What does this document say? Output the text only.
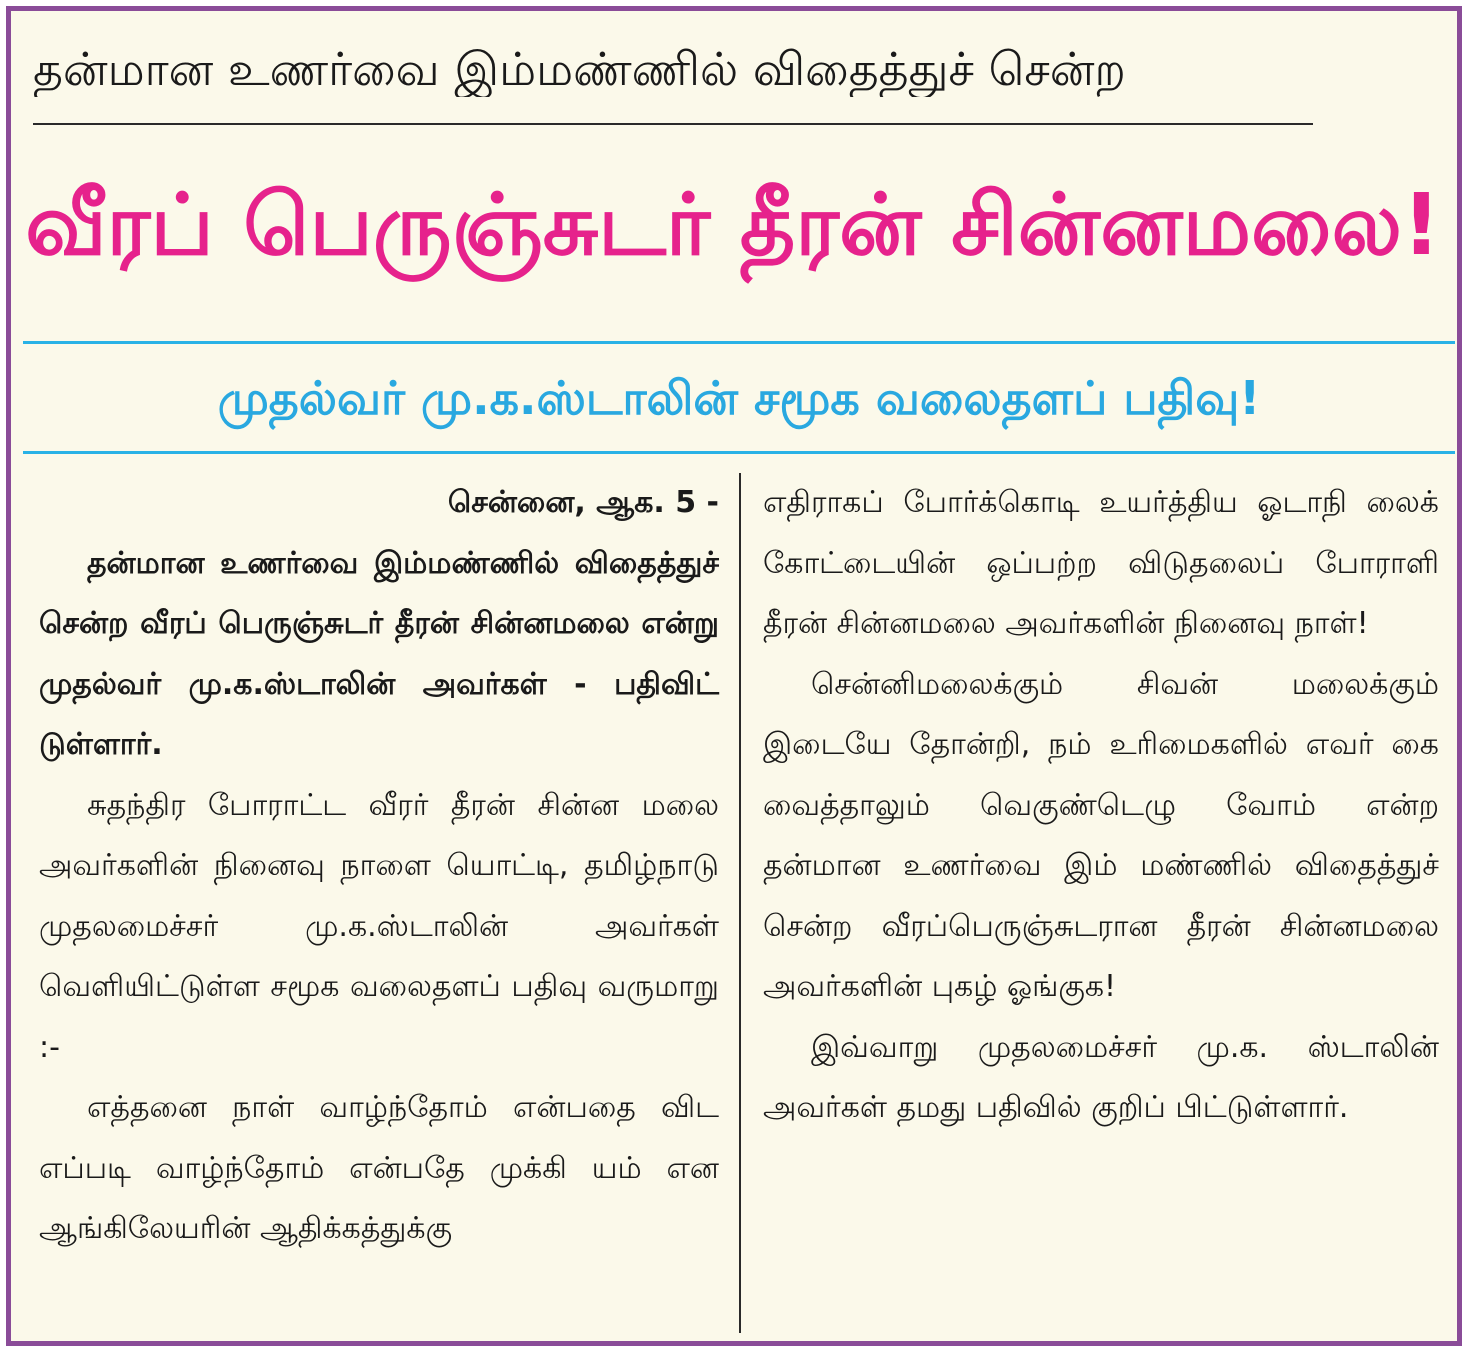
தன்மான உணர்வை இம்மண்ணில் விதைத்துச் சென்ற
வீரப் பெருஞ்சுடர் தீரன் சின்னமலை!
முதல்வர் மு.க.ஸ்டாலின் சமூக வலைதளப் பதிவு!

சென்னை, ஆக. 5 -

தன்மான உணர்வை இம்மண்ணில் விதைத்துச் சென்ற வீரப் பெருஞ்சுடர் தீரன் சின்னமலை என்று முதல்வர் மு.க.ஸ்டாலின் அவர்கள் - பதிவிட் டுள்ளார்.

சுதந்திர போராட்ட வீரர் தீரன் சின்ன மலை அவர்களின் நினைவு நாளை யொட்டி, தமிழ்நாடு முதலமைச்சர் மு.க.ஸ்டாலின் அவர்கள் வெளியிட்டுள்ள சமூக வலைதளப் பதிவு வருமாறு :-

எத்தனை நாள் வாழ்ந்தோம் என்பதை விட எப்படி வாழ்ந்தோம் என்பதே முக்கி யம் என ஆங்கிலேயரின் ஆதிக்கத்துக்கு

எதிராகப் போர்க்கொடி உயர்த்திய ஓடாநி லைக் கோட்டையின் ஒப்பற்ற விடுதலைப் போராளி தீரன் சின்னமலை அவர்களின் நினைவு நாள்!

சென்னிமலைக்கும் சிவன் மலைக்கும் இடையே தோன்றி, நம் உரிமைகளில் எவர் கை வைத்தாலும் வெகுண்டெழு வோம் என்ற தன்மான உணர்வை இம் மண்ணில் விதைத்துச் சென்ற வீரப்பெருஞ்சுடரான தீரன் சின்னமலை அவர்களின் புகழ் ஓங்குக!

இவ்வாறு முதலமைச்சர் மு.க. ஸ்டாலின் அவர்கள் தமது பதிவில் குறிப் பிட்டுள்ளார்.
